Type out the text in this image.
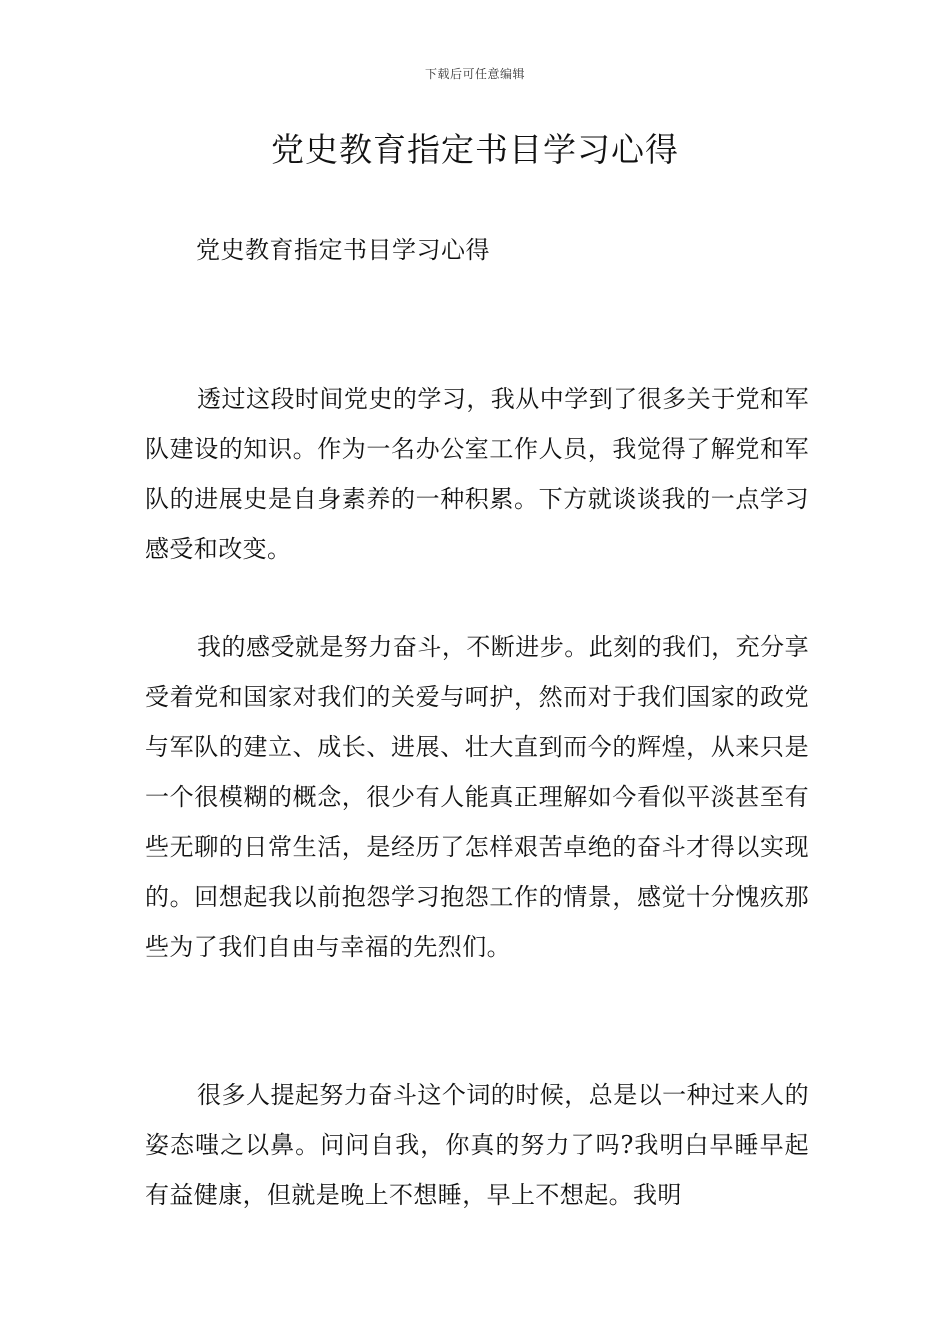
下载后可任意编辑
党史教育指定书目学习心得
党史教育指定书目学习心得

透过这段时间党史的学习，我从中学到了很多关于党和军队建设的知识。作为一名办公室工作人员，我觉得了解党和军队的进展史是自身素养的一种积累。下方就谈谈我的一点学习感受和改变。

我的感受就是努力奋斗，不断进步。此刻的我们，充分享受着党和国家对我们的关爱与呵护，然而对于我们国家的政党与军队的建立、成长、进展、壮大直到而今的辉煌，从来只是一个很模糊的概念，很少有人能真正理解如今看似平淡甚至有些无聊的日常生活，是经历了怎样艰苦卓绝的奋斗才得以实现的。回想起我以前抱怨学习抱怨工作的情景，感觉十分愧疚那些为了我们自由与幸福的先烈们。

很多人提起努力奋斗这个词的时候，总是以一种过来人的姿态嗤之以鼻。问问自我，你真的努力了吗?我明白早睡早起有益健康，但就是晚上不想睡，早上不想起。我明
